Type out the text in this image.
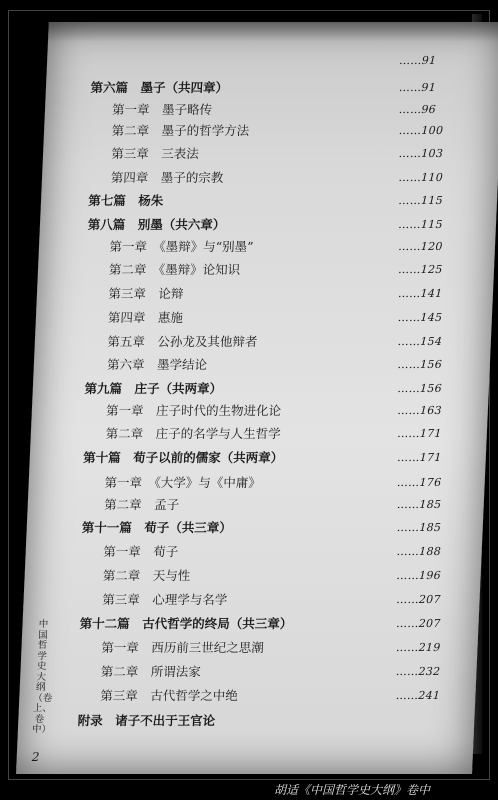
……91
第六篇　墨子（共四章）	……91
第一章　墨子略传	……96
第二章　墨子的哲学方法	……100
第三章　三表法	……103
第四章　墨子的宗教	……110
第七篇　杨朱	……115
第八篇　别墨（共六章）	……115
第一章　《墨辩》与“别墨”	……120
第二章　《墨辩》论知识	……125
第三章　论辩	……141
第四章　惠施	……145
第五章　公孙龙及其他辩者	……154
第六章　墨学结论	……156
第九篇　庄子（共两章）	……156
第一章　庄子时代的生物进化论	……163
第二章　庄子的名学与人生哲学	……171
第十篇　荀子以前的儒家（共两章）	……171
第一章　《大学》与《中庸》	……176
第二章　孟子	……185
第十一篇　荀子（共三章）	……185
第一章　荀子	……188
第二章　天与性	……196
第三章　心理学与名学	……207
第十二篇　古代哲学的终局（共三章）	……207
第一章　西历前三世纪之思潮	……219
第二章　所谓法家	……232
第三章　古代哲学之中绝	……241
附录　诸子不出于王官论
中国哲学史大纲（卷上、卷中）
2
胡适《中国哲学史大纲》卷中
